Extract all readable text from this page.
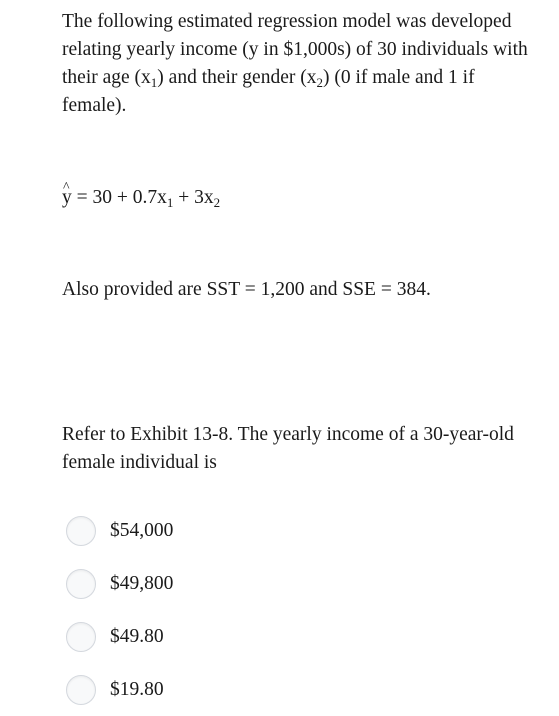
The following estimated regression model was developed relating yearly income (y in $1,000s) of 30 individuals with their age $(x_1)$ and their gender $(x_2)$ (0 if male and 1 if female).

^ $y = 30 + 0.7x_1 + 3x_2$

Also provided are SST = 1,200 and SSE = 384.

Refer to Exhibit 13-8. The yearly income of a 30-year-old female individual is

$54,000
$49,800
$49.80
$19.80
